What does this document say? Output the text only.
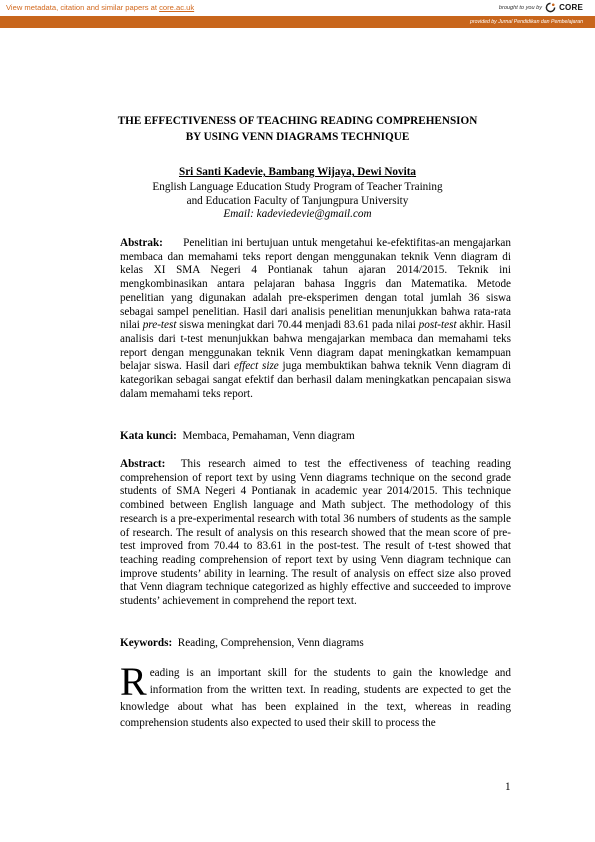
View metadata, citation and similar papers at core.ac.uk	brought to you by CORE
provided by Jurnal Pendidikan dan Pembelajaran
THE EFFECTIVENESS OF TEACHING READING COMPREHENSION
BY USING VENN DIAGRAMS TECHNIQUE
Sri Santi Kadevie, Bambang Wijaya, Dewi Novita
English Language Education Study Program of Teacher Training
and Education Faculty of Tanjungpura University
Email: kadeviedevie@gmail.com
Abstrak: Penelitian ini bertujuan untuk mengetahui ke-efektifitas-an mengajarkan membaca dan memahami teks report dengan menggunakan teknik Venn diagram di kelas XI SMA Negeri 4 Pontianak tahun ajaran 2014/2015. Teknik ini mengkombinasikan antara pelajaran bahasa Inggris dan Matematika. Metode penelitian yang digunakan adalah pre-eksperimen dengan total jumlah 36 siswa sebagai sampel penelitian. Hasil dari analisis penelitian menunjukkan bahwa rata-rata nilai pre-test siswa meningkat dari 70.44 menjadi 83.61 pada nilai post-test akhir. Hasil analisis dari t-test menunjukkan bahwa mengajarkan membaca dan memahami teks report dengan menggunakan teknik Venn diagram dapat meningkatkan kemampuan belajar siswa. Hasil dari effect size juga membuktikan bahwa teknik Venn diagram di kategorikan sebagai sangat efektif dan berhasil dalam meningkatkan pencapaian siswa dalam memahami teks report.
Kata kunci: Membaca, Pemahaman, Venn diagram
Abstract: This research aimed to test the effectiveness of teaching reading comprehension of report text by using Venn diagrams technique on the second grade students of SMA Negeri 4 Pontianak in academic year 2014/2015. This technique combined between English language and Math subject. The methodology of this research is a pre-experimental research with total 36 numbers of students as the sample of research. The result of analysis on this research showed that the mean score of pre-test improved from 70.44 to 83.61 in the post-test. The result of t-test showed that teaching reading comprehension of report text by using Venn diagram technique can improve students’ ability in learning. The result of analysis on effect size also proved that Venn diagram technique categorized as highly effective and succeeded to improve students’ achievement in comprehend the report text.
Keywords: Reading, Comprehension, Venn diagrams
Reading is an important skill for the students to gain the knowledge and information from the written text. In reading, students are expected to get the knowledge about what has been explained in the text, whereas in reading comprehension students also expected to used their skill to process the
1
